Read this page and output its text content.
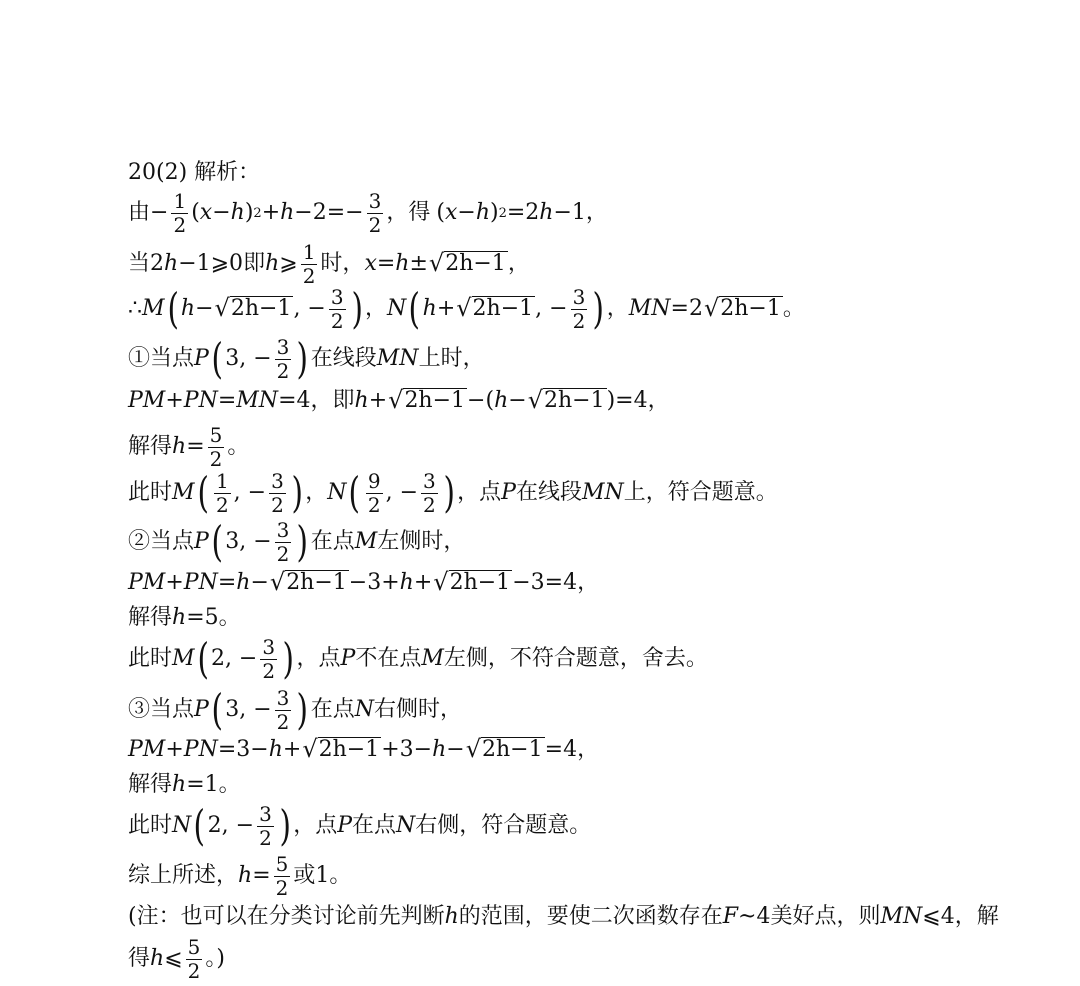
20(2) 解析：
由 − $\frac{1}{2}$ ( x − h ) $2 + h - 2 =- \frac{3}{2}$ ，得 ( x − h ) 2 = 2 h − 1 ，
当 2 h − 1 ⩾0 即 h ⩾ $\frac{1}{2}$ 时， x = h ± √ 2h−1 ，
∴ M ( h − √ 2h−1 , − $\frac{3}{2}$ ) ， N ( h + √ 2h−1 , − $\frac{3}{2}$ ) ， MN = 2 √ 2h−1 。
①当点 P ( 3 , − $\frac{3}{2}$ ) 在线段 MN 上时，
PM + PN = MN = 4 ， 即 h + √ 2h−1 −( h − √ 2h−1 )= 4 ，
解得 $h = \frac{5}{2}$ 。
此时 M ( $\frac{1}{2}$ , − $\frac{3}{2}$ ) ， N ( $\frac{9}{2}$ , − $\frac{3}{2}$ ) ，点 P 在线段 MN 上，符合题意。
②当点 P ( 3 , − $\frac{3}{2}$ ) 在点 M 左侧时，
PM + PN = h − √ 2h−1 − 3 + h + √ 2h−1 − 3 = 4 ，
解得 h = 5 。
此时 M ( 2 , − $\frac{3}{2}$ ) ，点 P 不在点 M 左侧，不符合题意，舍去。
③当点 P ( 3 , − $\frac{3}{2}$ ) 在点 N 右侧时，
PM + PN = 3 − h + √ 2h−1 + 3 − h − √ 2h−1 = 4 ，
解得 h = 1 。
此时 N ( 2 , − $\frac{3}{2}$ ) ，点 P 在点 N 右侧，符合题意。
综上所述， $h = \frac{5}{2}$ 或 1 。
(注：也可以在分类讨论前先判断 h 的范围，要使二次函数存在 F ~ 4 美好点，则 MN ⩽ 4 ，解
得 h ⩽ $\frac{5}{2}$ 。)
